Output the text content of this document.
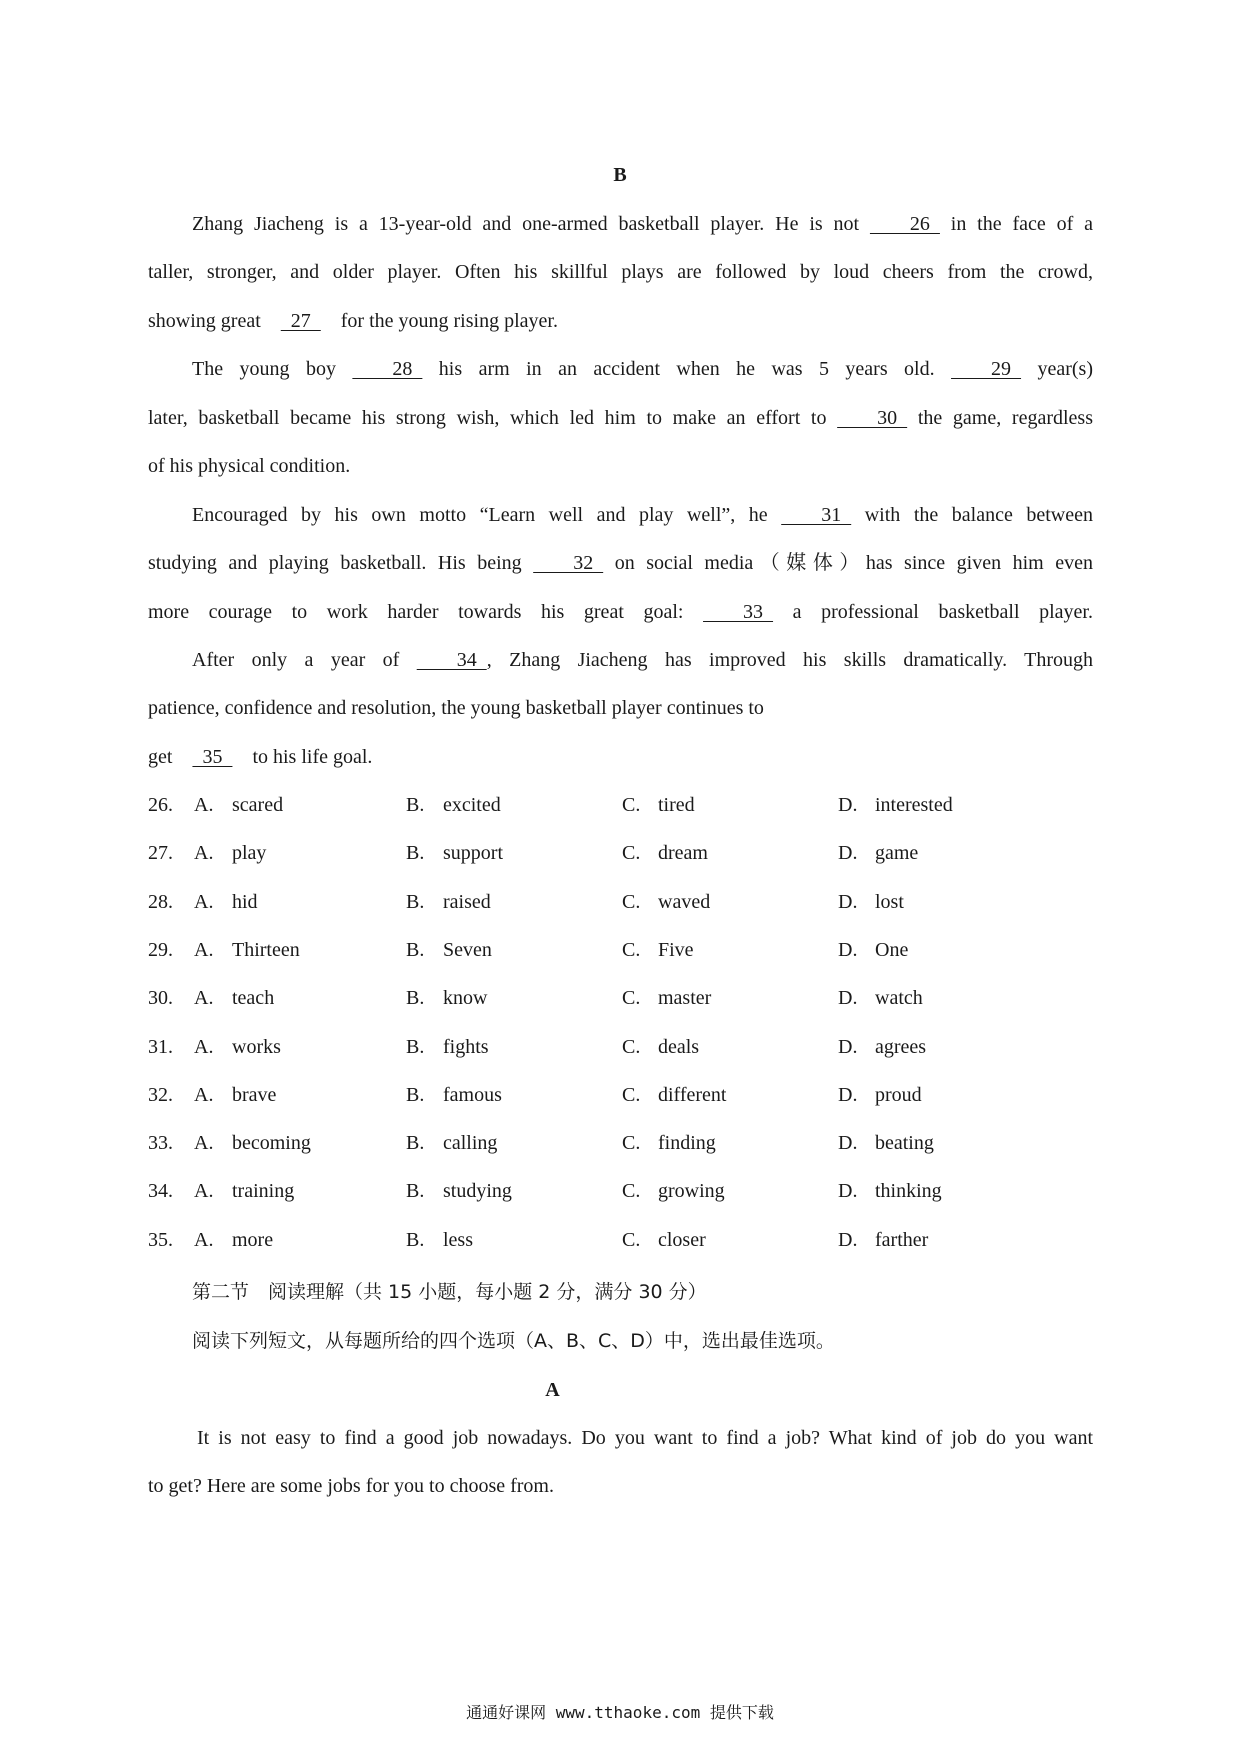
B
Zhang Jiacheng is a 13-year-old and one-armed basketball player. He is not   26   in the face of a
taller, stronger, and older player. Often his skillful plays are followed by loud cheers from the crowd,
showing great   27   for the young rising player.
The young boy   28   his arm in an accident when he was 5 years old.   29   year(s)
later, basketball became his strong wish, which led him to make an effort to   30   the game, regardless
of his physical condition.
Encouraged by his own motto “Learn well and play well”, he   31   with the balance between
studying and playing basketball. His being   32   on social media（媒体）has since given him even
more courage to work harder towards his great goal:   33   a professional basketball player.
After only a year of   34  , Zhang Jiacheng has improved his skills dramatically. Through
patience, confidence and resolution, the young basketball player continues to
get   35   to his life goal.
26. A. scared	B. excited	C. tired	D. interested
27. A. play	B. support	C. dream	D. game
28. A. hid	B. raised	C. waved	D. lost
29. A. Thirteen	B. Seven	C. Five	D. One
30. A. teach	B. know	C. master	D. watch
31. A. works	B. fights	C. deals	D. agrees
32. A. brave	B. famous	C. different	D. proud
33. A. becoming	B. calling	C. finding	D. beating
34. A. training	B. studying	C. growing	D. thinking
35. A. more	B. less	C. closer	D. farther
第二节　阅读理解（共 15 小题，每小题 2 分，满分 30 分）
阅读下列短文，从每题所给的四个选项（A、B、C、D）中，选出最佳选项。
A
It is not easy to find a good job nowadays. Do you want to find a job? What kind of job do you want
to get? Here are some jobs for you to choose from.
通通好课网 www.tthaoke.com 提供下载
